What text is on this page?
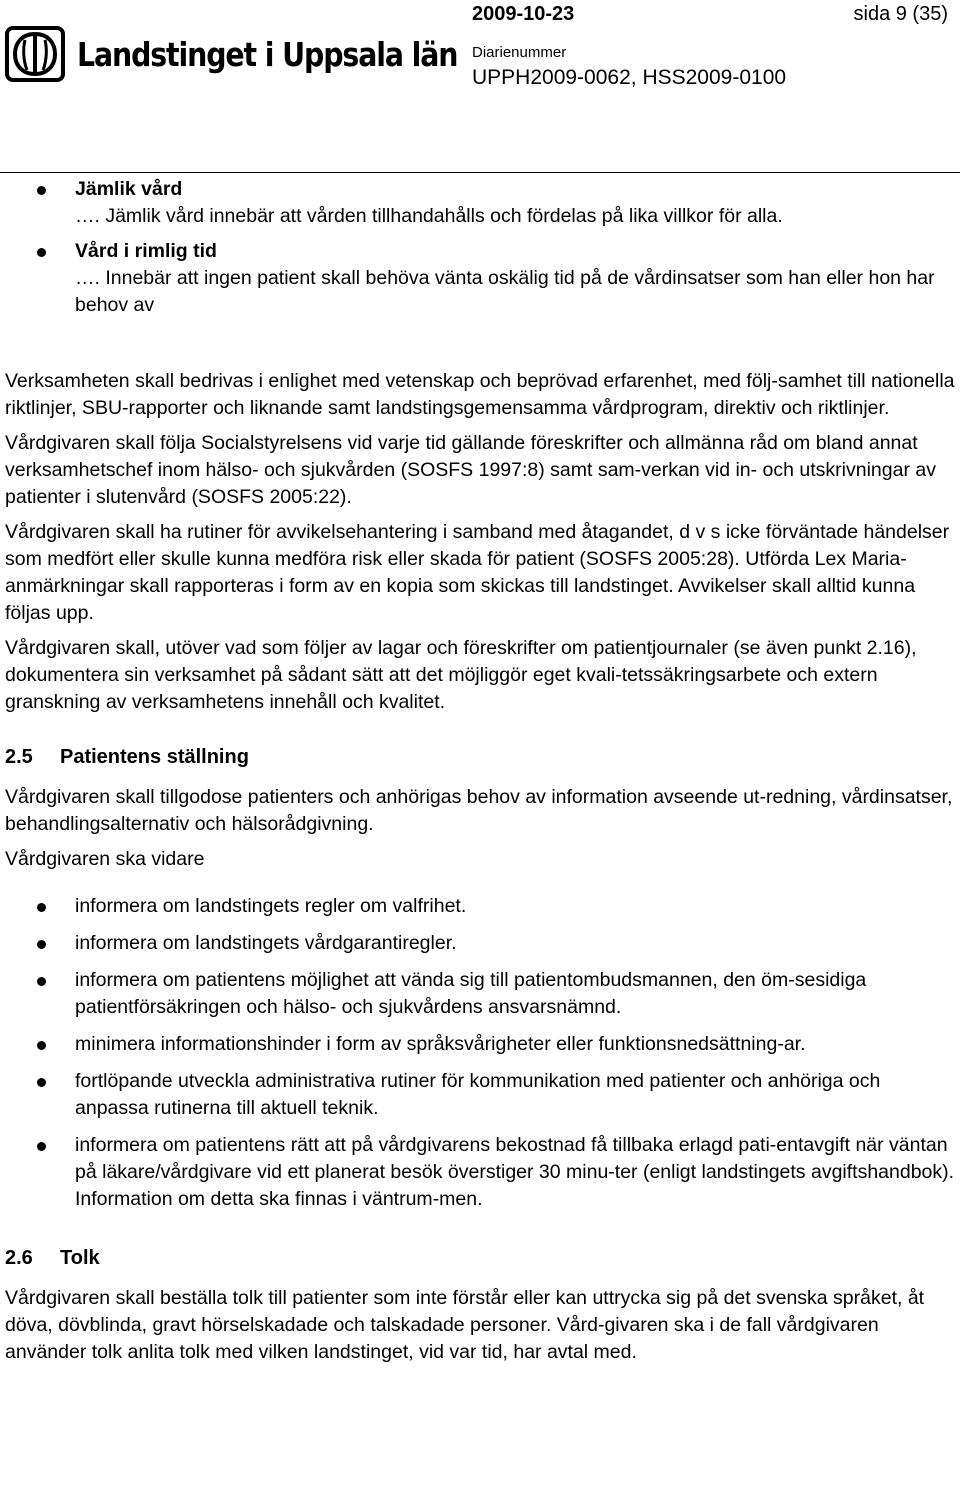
Landstinget i Uppsala län
2009-10-23	sida 9 (35)
Diarienummer
UPPH2009-0062, HSS2009-0100
Jämlik vård
…. Jämlik vård innebär att vården tillhandahålls och fördelas på lika villkor för alla.
Vård i rimlig tid
…. Innebär att ingen patient skall behöva vänta oskälig tid på de vårdinsatser som han eller hon har behov av

Verksamheten skall bedrivas i enlighet med vetenskap och beprövad erfarenhet, med följ-samhet till nationella riktlinjer, SBU-rapporter och liknande samt landstingsgemensamma vårdprogram, direktiv och riktlinjer.

Vårdgivaren skall följa Socialstyrelsens vid varje tid gällande föreskrifter och allmänna råd om bland annat verksamhetschef inom hälso- och sjukvården (SOSFS 1997:8) samt sam-verkan vid in- och utskrivningar av patienter i slutenvård (SOSFS 2005:22).

Vårdgivaren skall ha rutiner för avvikelsehantering i samband med åtagandet, d v s icke förväntade händelser som medfört eller skulle kunna medföra risk eller skada för patient (SOSFS 2005:28). Utförda Lex Maria-anmärkningar skall rapporteras i form av en kopia som skickas till landstinget. Avvikelser skall alltid kunna följas upp.

Vårdgivaren skall, utöver vad som följer av lagar och föreskrifter om patientjournaler (se även punkt 2.16), dokumentera sin verksamhet på sådant sätt att det möjliggör eget kvali-tetssäkringsarbete och extern granskning av verksamhetens innehåll och kvalitet.

2.5	Patientens ställning

Vårdgivaren skall tillgodose patienters och anhörigas behov av information avseende ut-redning, vårdinsatser, behandlingsalternativ och hälsorådgivning.

Vårdgivaren ska vidare

informera om landstingets regler om valfrihet.
informera om landstingets vårdgarantiregler.
informera om patientens möjlighet att vända sig till patientombudsmannen, den öm-sesidiga patientförsäkringen och hälso- och sjukvårdens ansvarsnämnd.
minimera informationshinder i form av språksvårigheter eller funktionsnedsättning-ar.
fortlöpande utveckla administrativa rutiner för kommunikation med patienter och anhöriga och anpassa rutinerna till aktuell teknik.
informera om patientens rätt att på vårdgivarens bekostnad få tillbaka erlagd pati-entavgift när väntan på läkare/vårdgivare vid ett planerat besök överstiger 30 minu-ter (enligt landstingets avgiftshandbok). Information om detta ska finnas i väntrum-men.
2.6	Tolk

Vårdgivaren skall beställa tolk till patienter som inte förstår eller kan uttrycka sig på det svenska språket, åt döva, dövblinda, gravt hörselskadade och talskadade personer. Vård-givaren ska i de fall vårdgivaren använder tolk anlita tolk med vilken landstinget, vid var tid, har avtal med.
